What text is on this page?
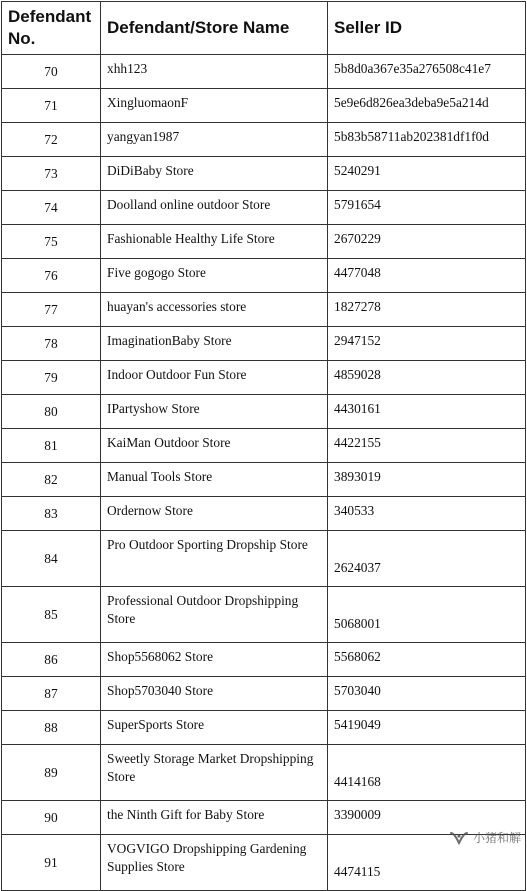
Defendant No.	Defendant/Store Name	Seller ID
70	xhh123	5b8d0a367e35a276508c41e7
71	XingluomaonF	5e9e6d826ea3deba9e5a214d
72	yangyan1987	5b83b58711ab202381df1f0d
73	DiDiBaby Store	5240291
74	Doolland online outdoor Store	5791654
75	Fashionable Healthy Life Store	2670229
76	Five gogogo Store	4477048
77	huayan's accessories store	1827278
78	ImaginationBaby Store	2947152
79	Indoor Outdoor Fun Store	4859028
80	IPartyshow Store	4430161
81	KaiMan Outdoor Store	4422155
82	Manual Tools Store	3893019
83	Ordernow Store	340533
84	Pro Outdoor Sporting Dropship Store	2624037
85	Professional Outdoor Dropshipping Store	5068001
86	Shop5568062 Store	5568062
87	Shop5703040 Store	5703040
88	SuperSports Store	5419049
89	Sweetly Storage Market Dropshipping Store	4414168
90	the Ninth Gift for Baby Store	3390009
91	VOGVIGO Dropshipping Gardening Supplies Store	4474115
小猪和解
